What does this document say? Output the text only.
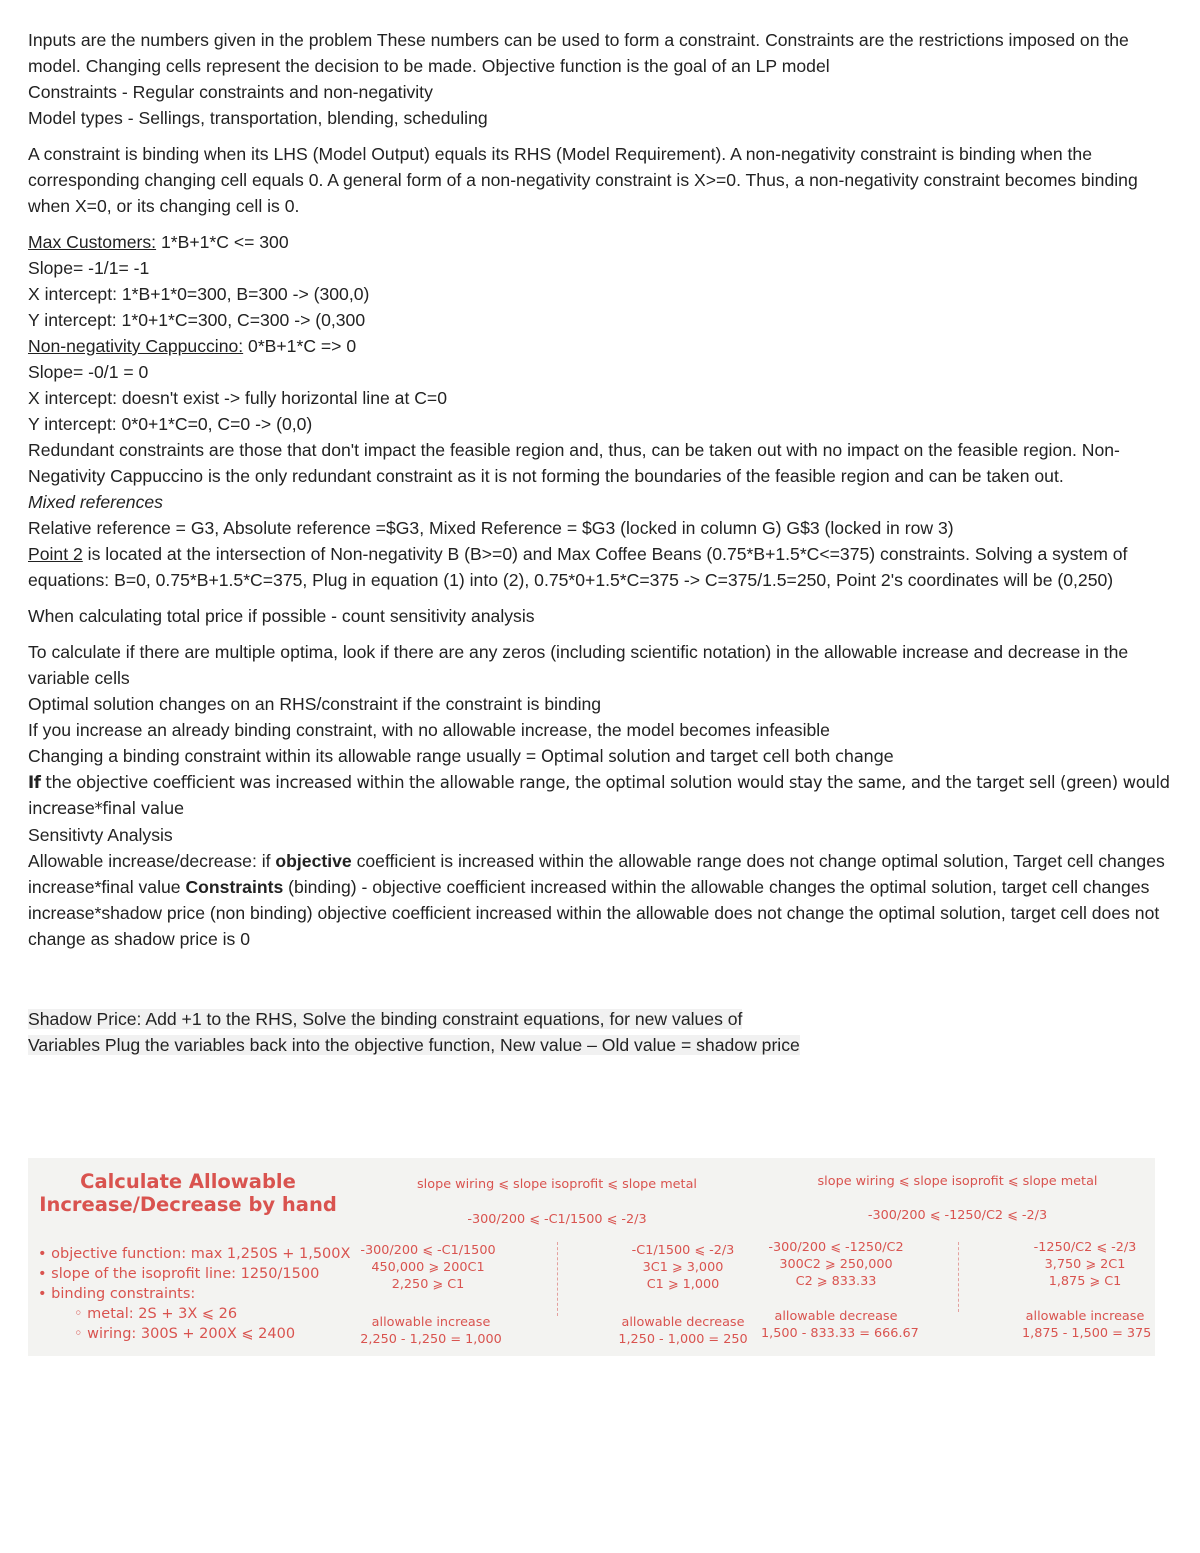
Inputs are the numbers given in the problem These numbers can be used to form a constraint. Constraints are the restrictions imposed on the model. Changing cells represent the decision to be made. Objective function is the goal of an LP model

Constraints - Regular constraints and non-negativity

Model types - Sellings, transportation, blending, scheduling

A constraint is binding when its LHS (Model Output) equals its RHS (Model Requirement). A non-negativity constraint is binding when the corresponding changing cell equals 0. A general form of a non-negativity constraint is X>=0. Thus, a non-negativity constraint becomes binding when X=0, or its changing cell is 0.

Max Customers: 1*B+1*C <= 300

Slope= -1/1= -1

X intercept: 1*B+1*0=300, B=300 -> (300,0)

Y intercept: 1*0+1*C=300, C=300 -> (0,300

Non-negativity Cappuccino: 0*B+1*C => 0

Slope= -0/1 = 0

X intercept: doesn't exist -> fully horizontal line at C=0

Y intercept: 0*0+1*C=0, C=0 -> (0,0)

Redundant constraints are those that don't impact the feasible region and, thus, can be taken out with no impact on the feasible region. Non-Negativity Cappuccino is the only redundant constraint as it is not forming the boundaries of the feasible region and can be taken out.

Mixed references

Relative reference = G3, Absolute reference =$G3, Mixed Reference = $G3 (locked in column G) G$3 (locked in row 3)

Point 2 is located at the intersection of Non-negativity B (B>=0) and Max Coffee Beans (0.75*B+1.5*C<=375) constraints. Solving a system of equations: B=0, 0.75*B+1.5*C=375, Plug in equation (1) into (2), 0.75*0+1.5*C=375 -> C=375/1.5=250, Point 2's coordinates will be (0,250)

When calculating total price if possible - count sensitivity analysis

To calculate if there are multiple optima, look if there are any zeros (including scientific notation) in the allowable increase and decrease in the variable cells

Optimal solution changes on an RHS/constraint if the constraint is binding

If you increase an already binding constraint, with no allowable increase, the model becomes infeasible

Changing a binding constraint within its allowable range usually = Optimal solution and target cell both change

If the objective coefficient was increased within the allowable range, the optimal solution would stay the same, and the target sell (green) would increase*final value

Sensitivty Analysis

Allowable increase/decrease: if objective coefficient is increased within the allowable range does not change optimal solution, Target cell changes increase*final value Constraints (binding) - objective coefficient increased within the allowable changes the optimal solution, target cell changes increase*shadow price (non binding) objective coefficient increased within the allowable does not change the optimal solution, target cell does not change as shadow price is 0

Shadow Price: Add +1 to the RHS, Solve the binding constraint equations, for new values of

Variables Plug the variables back into the objective function, New value – Old value = shadow price

Calculate Allowable Increase/Decrease by hand
• objective function: max 1,250S + 1,500X
• slope of the isoprofit line: 1250/1500
• binding constraints:
◦ metal: 2S + 3X ⩽ 26
◦ wiring: 300S + 200X ⩽ 2400
slope wiring ⩽ slope isoprofit ⩽ slope metal
-300/200 ⩽ -C1/1500 ⩽ -2/3
-300/200 ⩽ -C1/1500
450,000 ⩾ 200C1
2,250 ⩾ C1
allowable increase
2,250 - 1,250 = 1,000
-C1/1500 ⩽ -2/3
3C1 ⩾ 3,000
C1 ⩾ 1,000
allowable decrease
1,250 - 1,000 = 250
slope wiring ⩽ slope isoprofit ⩽ slope metal
-300/200 ⩽ -1250/C2 ⩽ -2/3
-300/200 ⩽ -1250/C2
300C2 ⩾ 250,000
C2 ⩾ 833.33
allowable decrease
1,500 - 833.33 = 666.67
-1250/C2 ⩽ -2/3
3,750 ⩾ 2C1
1,875 ⩾ C1
allowable increase
1,875 - 1,500 = 375
